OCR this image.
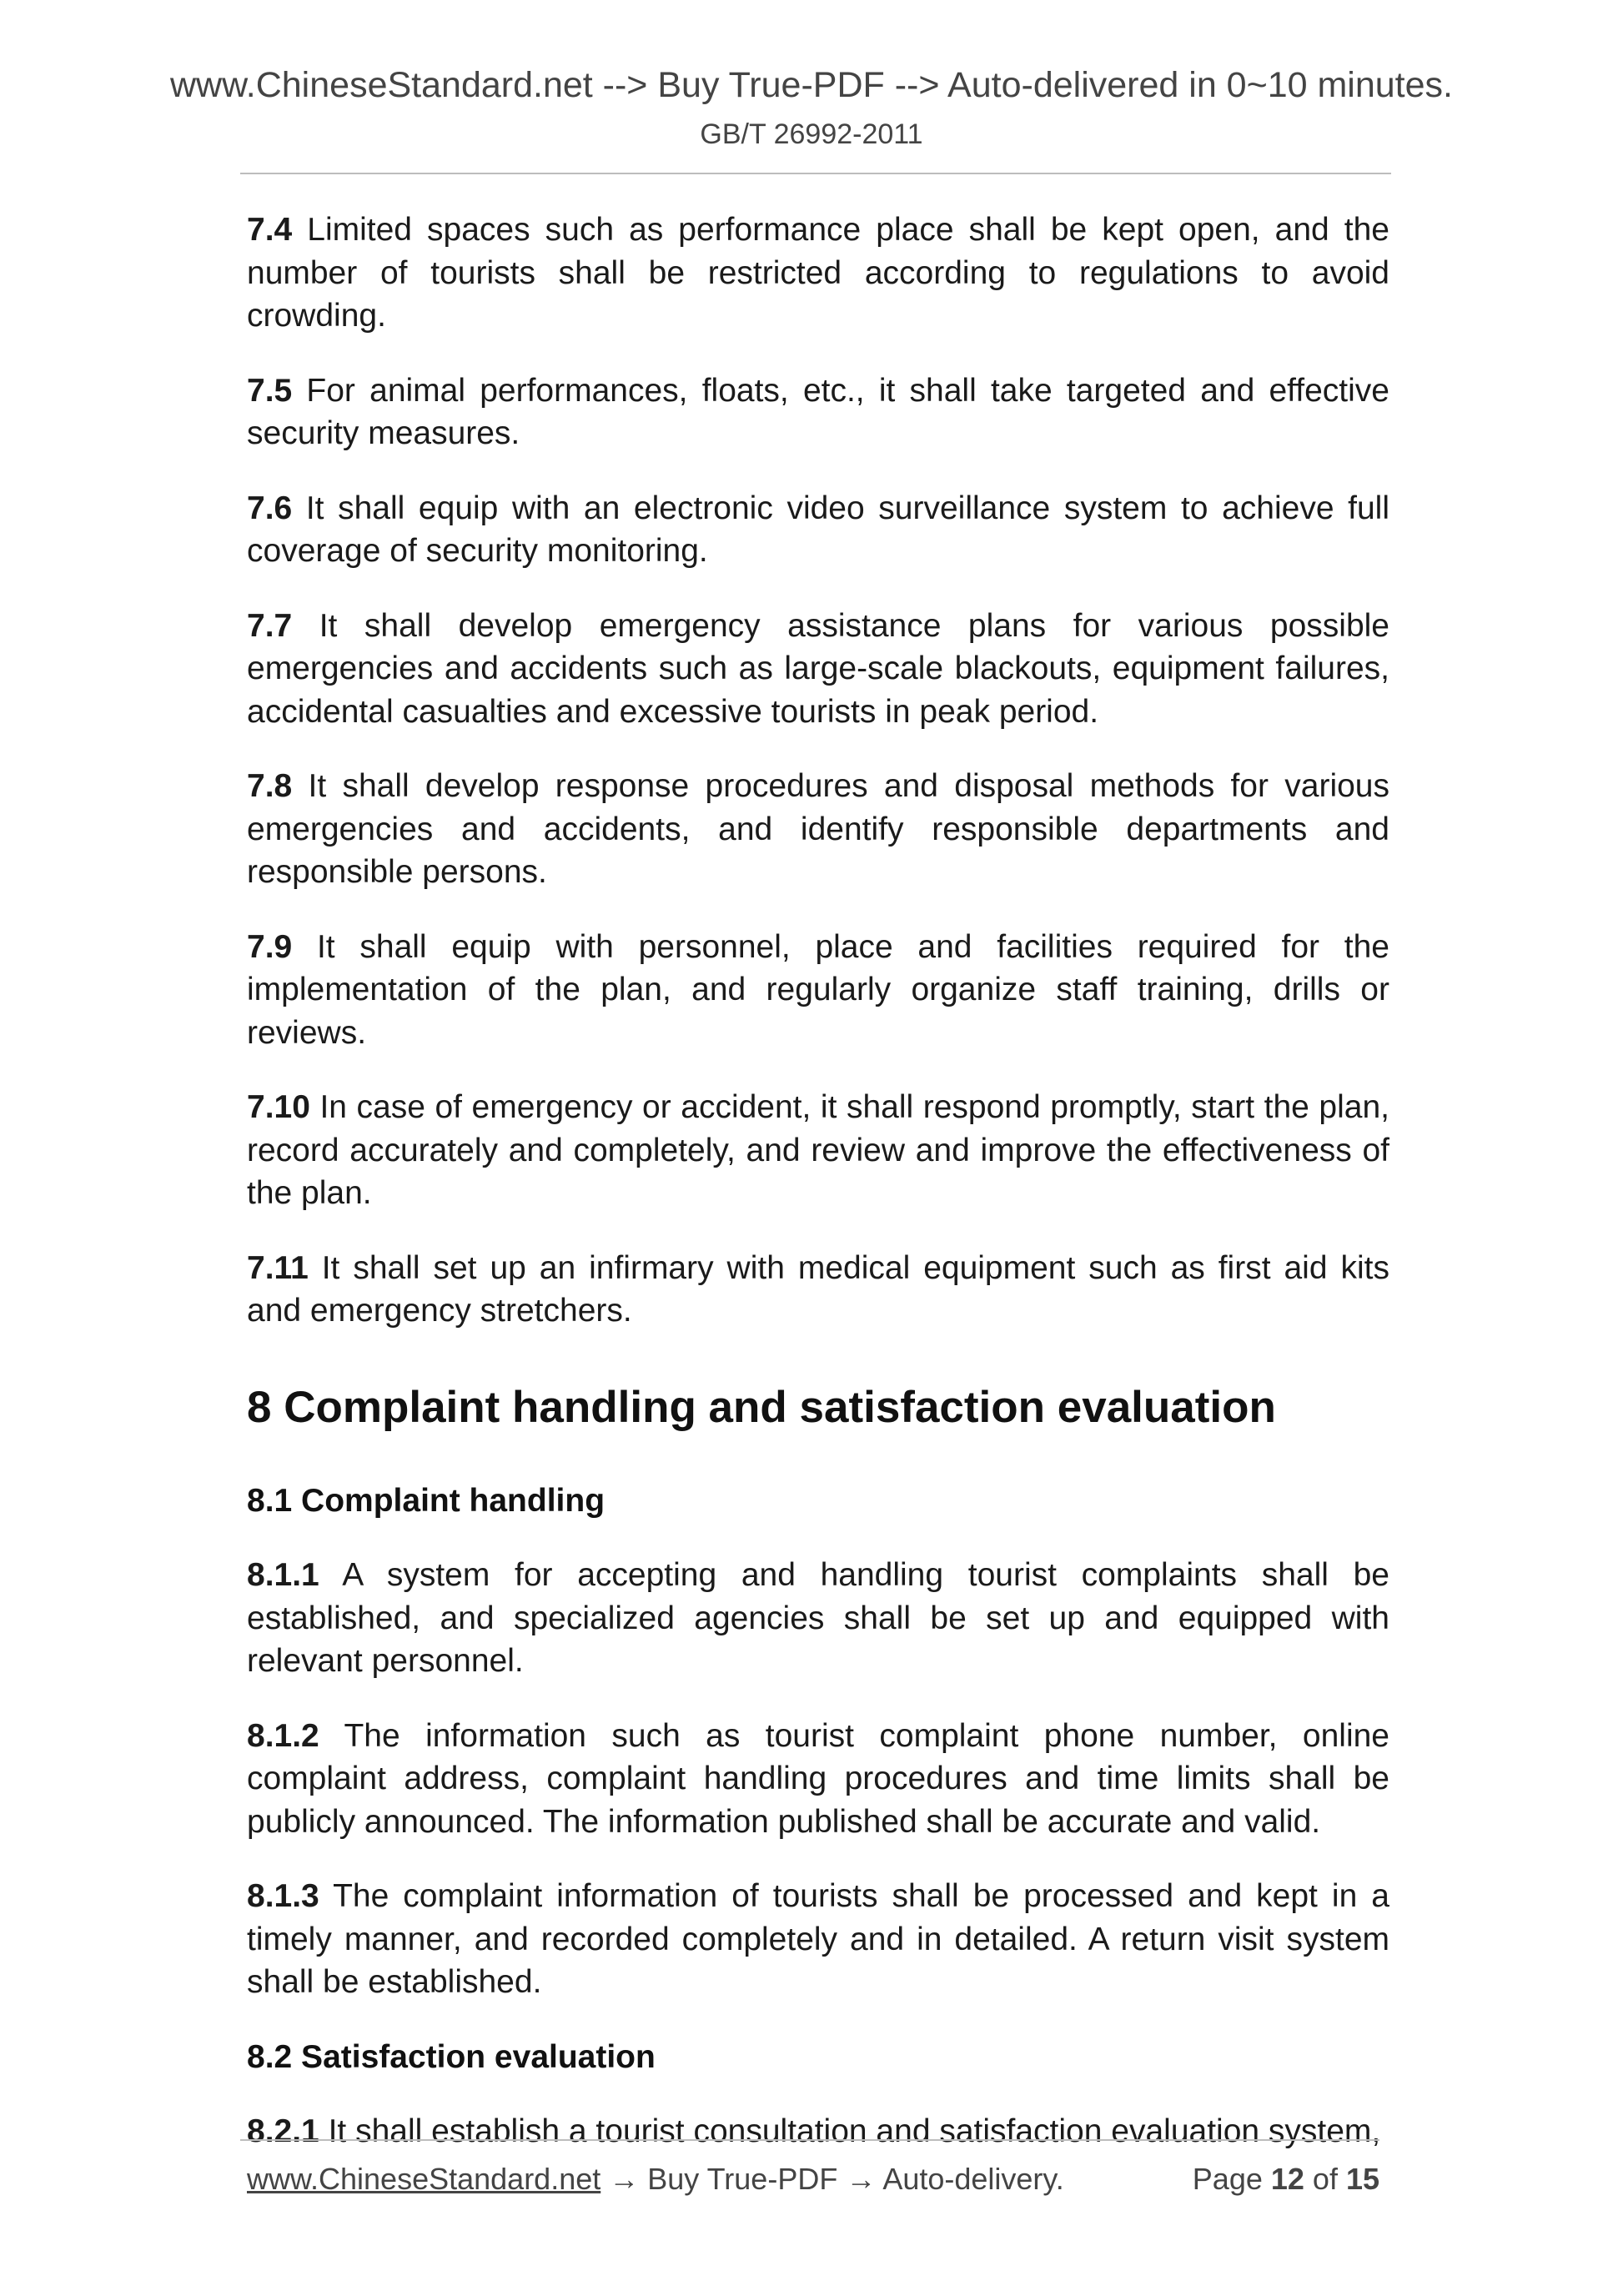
www.ChineseStandard.net --> Buy True-PDF --> Auto-delivered in 0~10 minutes.
GB/T 26992-2011

7.4 Limited spaces such as performance place shall be kept open, and the number of tourists shall be restricted according to regulations to avoid crowding.

7.5 For animal performances, floats, etc., it shall take targeted and effective security measures.

7.6 It shall equip with an electronic video surveillance system to achieve full coverage of security monitoring.

7.7 It shall develop emergency assistance plans for various possible emergencies and accidents such as large-scale blackouts, equipment failures, accidental casualties and excessive tourists in peak period.

7.8 It shall develop response procedures and disposal methods for various emergencies and accidents, and identify responsible departments and responsible persons.

7.9 It shall equip with personnel, place and facilities required for the implementation of the plan, and regularly organize staff training, drills or reviews.

7.10 In case of emergency or accident, it shall respond promptly, start the plan, record accurately and completely, and review and improve the effectiveness of the plan.

7.11 It shall set up an infirmary with medical equipment such as first aid kits and emergency stretchers.

8 Complaint handling and satisfaction evaluation
8.1 Complaint handling

8.1.1 A system for accepting and handling tourist complaints shall be established, and specialized agencies shall be set up and equipped with relevant personnel.

8.1.2 The information such as tourist complaint phone number, online complaint address, complaint handling procedures and time limits shall be publicly announced. The information published shall be accurate and valid.

8.1.3 The complaint information of tourists shall be processed and kept in a timely manner, and recorded completely and in detailed. A return visit system shall be established.

8.2 Satisfaction evaluation

8.2.1 It shall establish a tourist consultation and satisfaction evaluation system,

www.ChineseStandard.net → Buy True-PDF → Auto-delivery.	Page 12 of 15
